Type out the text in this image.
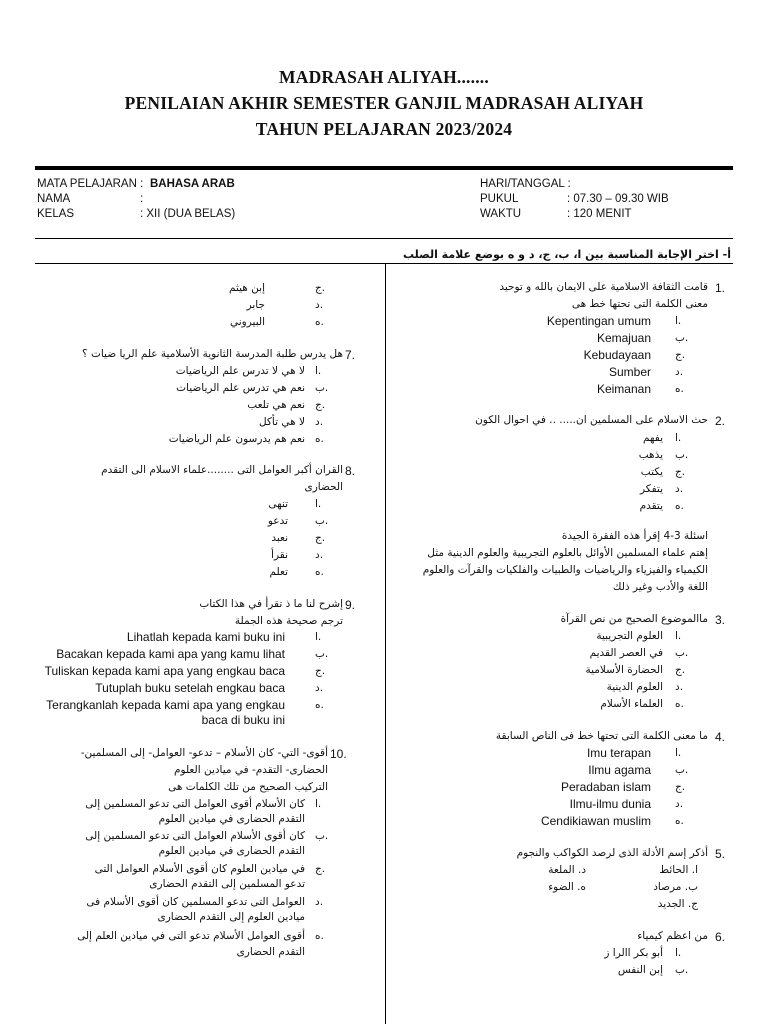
MADRASAH ALIYAH.......
PENILAIAN AKHIR SEMESTER GANJIL MADRASAH ALIYAH
TAHUN PELAJARAN 2023/2024
MATA PELAJARAN : BAHASA ARAB
NAMA	:
KELAS	: XII (DUA BELAS)
HARI/TANGGAL :
PUKUL	: 07.30 – 09.30 WIB
WAKTU	: 120 MENIT
أ- اختر الإجابة المناسبة بين ا، ب، ج، د و ه بوضع علامة الصلب
1.
قامت الثقافة الاسلامية على الايمان بالله و توحيد
معنى الكلمة التى تحتها خط هى
Kepentingan umum ا.
Kemajuan ب.
Kebudayaan ج.
Sumber د.
Keimanan ه.
2.
حث الاسلام على المسلمين ان..... .. في احوال الكون
يفهم ا.
يذهب ب.
يكتب ج.
يتفكر د.
يتقدم ه.
اسئلة 3-4 إقرأ هذه الفقرة الجيدة
إهتم علماء المسلمين الأوائل بالعلوم التجريبية والعلوم الدينية مثل
الكيمياء والفيزياء والرياضيات والطبيات والفلكيات والقرآت والعلوم
اللغة والأدب وغير ذلك
3.
ماالموضوع الصحيح من نص القرآة
العلوم التجريبية ا.
في العصر القديم ب.
الحضارة الأسلامية ج.
العلوم الدينية د.
العلماء الأسلام ه.
4.
ما معنى الكلمة التى تحتها خط فى الناص السابقة
Imu terapan ا.
Ilmu agama ب.
Peradaban islam ج.
Ilmu-ilmu dunia د.
Cendikiawan muslim ه.
5.
أذكر إسم الأدلة الذى لرصد الكواكب والنجوم
ا. الحائط
د. الملعة
ب. مرصاد
ه. الضوء
ج. الجديد
6.
من اعظم كيمياء
أبو بكر االرا ز ا.
إبن النفس ب.
ج.
إبن هيثم
د.
جابر
ه.
البيروني
7.
هل يدرس طلبة المدرسة الثانوية الأسلامية علم الريا ضيات ؟
ا.
لا هي لا تدرس علم الرياضيات
ب.
نعم هي تدرس علم الرياضيات
ج.
نعم هي تلعب
د.
لا هي تأكل
ه.
نعم هم يدرسون علم الرياضيات
8.
القران أكبر العوامل التى ........علماء الاسلام الى التقدم
الحضارى
ا.
تنهى
ب.
تدعو
ج.
نعبد
د.
نقرأ
ه.
تعلم
9.
إشرح لنا ما ذ تقرأ في هذا الكتاب
ترجم صحيحة هذه الجملة
Lihatlah kepada kami buku ini	ا.
Bacakan kepada kami apa yang kamu lihat	ب.
Tuliskan kepada kami apa yang engkau baca	ج.
Tutuplah buku setelah engkau baca	د.
Terangkanlah kepada kami apa yang engkau	ه.
baca di buku ini
10.
أقوى- التي- كان الأسلام – تدعو- العوامل- إلى المسلمين-
الحضارى- التقدم- في ميادين العلوم
التركيب الصحيح من تلك الكلمات هى
ا.
كان الأسلام أقوى العوامل التى تدعو المسلمين إلى
التقدم الحضارى في ميادين العلوم
ب.
كان أقوى الأسلام العوامل التى تدعو المسلمين إلى
التقدم الحضارى في ميادين العلوم
ج.
في ميادين العلوم كان أقوى الأسلام العوامل التى
تدعو المسلمين إلى التقدم الحضارى
د.
العوامل التى تدعو المسلمين كان أقوى الأسلام فى
ميادين العلوم إلى التقدم الحضارى
ه.
أقوى العوامل الأسلام تدعو التى في ميادين العلم إلى
التقدم الحضارى
